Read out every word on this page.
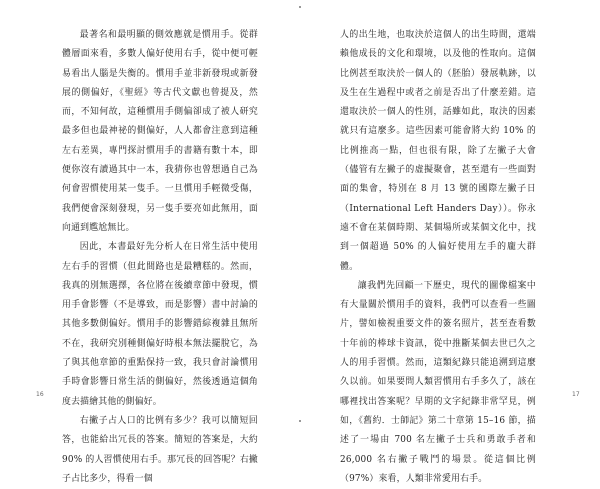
最著名和最明顯的側效應就是慣用手。從群體層面來看，多數人偏好使用右手，從中便可輕易看出人腦是失衡的。慣用手並非新發現或新發展的側偏好，《聖經》等古代文獻也曾提及，然而，不知何故，這種慣用手側偏卻成了被人研究最多但也最神祕的側偏好，人人都會注意到這種左右差異，專門探討慣用手的書籍有數十本，即便你沒有讀過其中一本，我猜你也曾想過自己為何會習慣使用某一隻手。一旦慣用手輕微受傷，我們便會深刻發現，另一隻手要亮如此無用，面向通到尷尬無比。

因此，本書最好先分析人在日常生活中使用左右手的習慣（但此間路也是最糟糕的。然而，我真的別無選擇，各位將在後續章節中發現，慣用手會影響（不是導致，而是影響）書中討論的其他多數側偏好。慣用手的影響錯綜複雜且無所不在，我研究別種側偏好時根本無法擺脫它，為了與其他章節的重點保持一致，我只會討論慣用手時會影響日常生活的側偏好，然後透過這個角度去描繪其他的側偏好。

右撇子占人口的比例有多少？我可以簡短回答，也能給出冗長的答案。簡短的答案是，大約 90% 的人習慣使用右手。那冗長的回答呢？右撇子占比多少，得看一個

16

人的出生地，也取決於這個人的出生時間，還端賴他成長的文化和環境，以及他的性取向。這個比例甚至取決於一個人的（胚胎）發展軌跡，以及生在生過程中或者之前是否出了什麼差錯。這還取決於一個人的性別，話雖如此，取決的因素就只有這麼多。這些因素可能會將大約 10% 的比例推高一點，但也很有限，除了左撇子大會（儘管有左撇子的虛擬聚會，甚至還有一些面對面的集會，特別在 8 月 13 號的國際左撇子日（International Left Handers Day））。你永遠不會在某個時期、某個場所或某個文化中，找到一個超過 50% 的人偏好使用左手的龐大群體。

讓我們先回顧一下歷史，現代的圖像檔案中有大量關於慣用手的資料，我們可以查看一些圖片，譬如檢視重要文件的簽名照片，甚至查看數十年前的棒球卡資訊，從中推斷某個去世已久之人的用手習慣。然而，這類紀錄只能追溯到這麼久以前。如果要問人類習慣用右手多久了，該在哪裡找出答案呢？早期的文字紀錄非常罕見，例如，《舊約．士師記》第二十章第 15–16 節，描述了一場由 700 名左撇子士兵和勇敢手者和 26,000 名右撇子戰鬥的場景。從這個比例（97%）來看，人類非常愛用右手。

17
